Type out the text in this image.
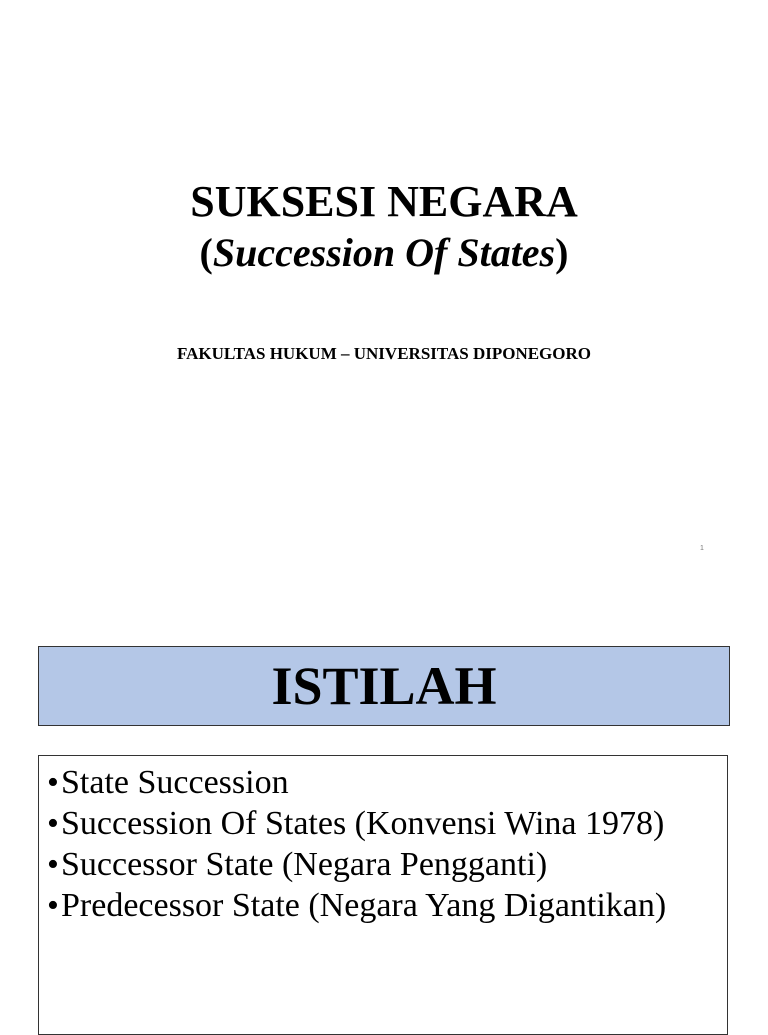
SUKSESI NEGARA

(Succession Of States)

FAKULTAS HUKUM – UNIVERSITAS DIPONEGORO
1
ISTILAH
• State Succession
• Succession Of States (Konvensi Wina 1978)
• Successor State (Negara Pengganti)
• Predecessor State (Negara Yang Digantikan)
